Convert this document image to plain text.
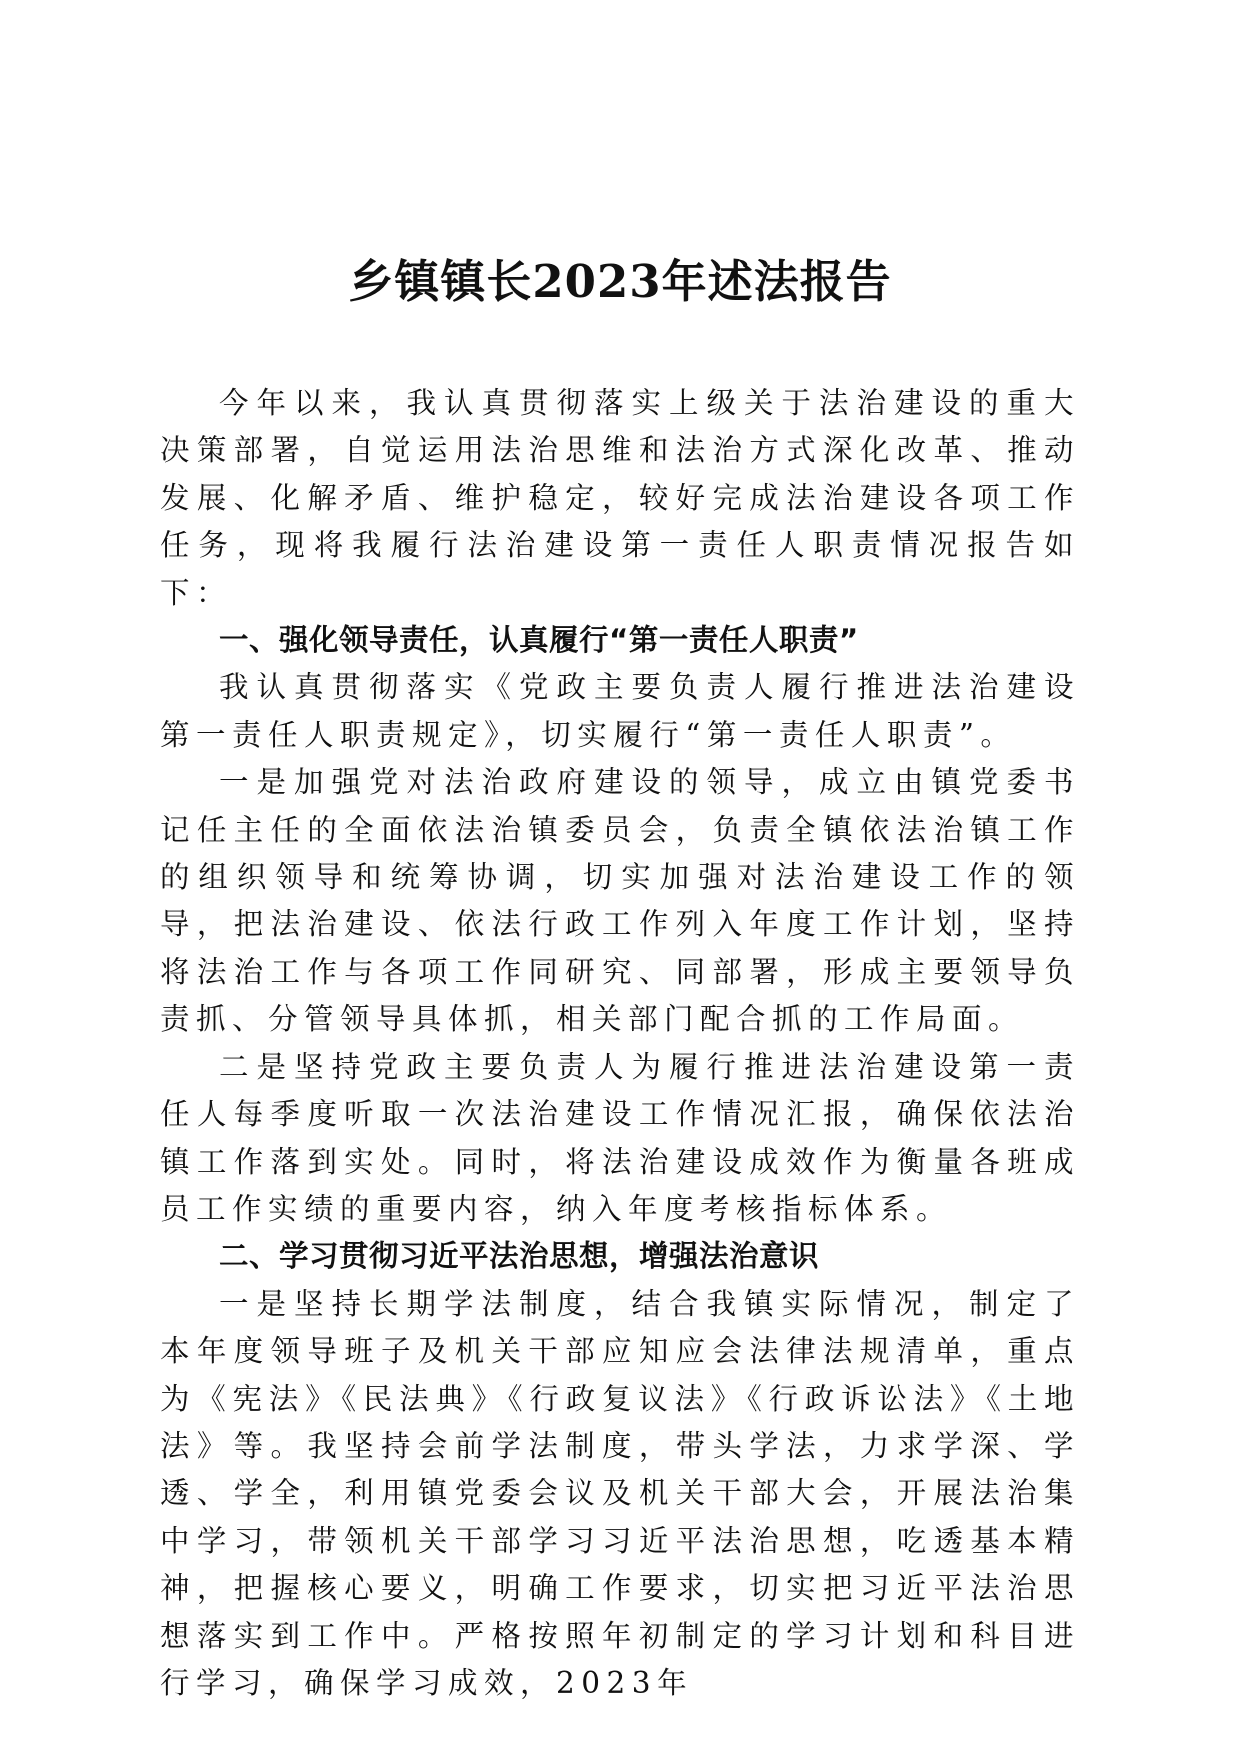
乡镇镇长2023年述法报告

今年以来，我认真贯彻落实上级关于法治建设的重大决策部署，自觉运用法治思维和法治方式深化改革、推动发展、化解矛盾、维护稳定，较好完成法治建设各项工作任务，现将我履行法治建设第一责任人职责情况报告如下：

一、强化领导责任，认真履行“第一责任人职责”

我认真贯彻落实《党政主要负责人履行推进法治建设第一责任人职责规定》，切实履行“第一责任人职责”。

一是加强党对法治政府建设的领导，成立由镇党委书记任主任的全面依法治镇委员会，负责全镇依法治镇工作的组织领导和统筹协调，切实加强对法治建设工作的领导，把法治建设、依法行政工作列入年度工作计划，坚持将法治工作与各项工作同研究、同部署，形成主要领导负责抓、分管领导具体抓，相关部门配合抓的工作局面。

二是坚持党政主要负责人为履行推进法治建设第一责任人每季度听取一次法治建设工作情况汇报，确保依法治镇工作落到实处。同时，将法治建设成效作为衡量各班成员工作实绩的重要内容，纳入年度考核指标体系。

二、学习贯彻习近平法治思想，增强法治意识

一是坚持长期学法制度，结合我镇实际情况，制定了本年度领导班子及机关干部应知应会法律法规清单，重点为《宪法》《民法典》《行政复议法》《行政诉讼法》《土地法》等。我坚持会前学法制度，带头学法，力求学深、学透、学全，利用镇党委会议及机关干部大会，开展法治集中学习，带领机关干部学习习近平法治思想，吃透基本精神，把握核心要义，明确工作要求，切实把习近平法治思想落实到工作中。严格按照年初制定的学习计划和科目进行学习，确保学习成效，2023年
